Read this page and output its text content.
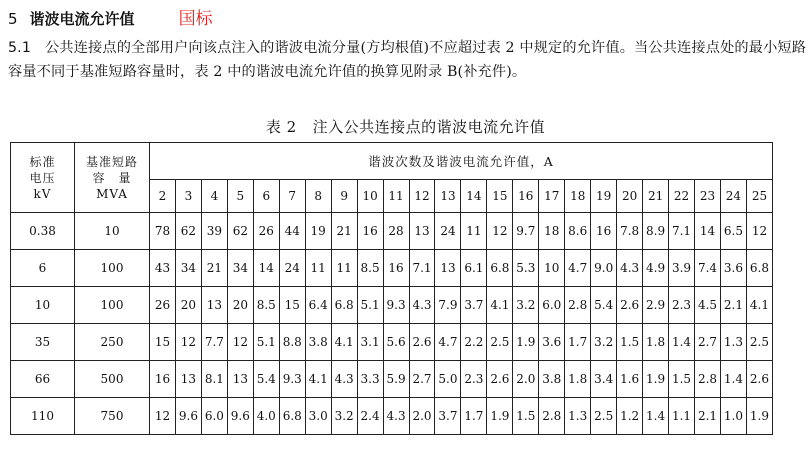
5 谐波电流允许值	国标
5.1 公共连接点的全部用户向该点注入的谐波电流分量(方均根值)不应超过表 2 中规定的允许值。当公共连接点处的最小短路容量不同于基准短路容量时，表 2 中的谐波电流允许值的换算见附录 B(补充件)。
表 2 注入公共连接点的谐波电流允许值
标准
电压
kV	基准短路
容　量
MVA	谐波次数及谐波电流允许值，A																							
		2	3	4	5	6	7	8	9	10	11	12	13	14	15	16	17	18	19	20	21	22	23	24	25
0.38	10	78	62	39	62	26	44	19	21	16	28	13	24	11	12	9.7	18	8.6	16	7.8	8.9	7.1	14	6.5	12
6	100	43	34	21	34	14	24	11	11	8.5	16	7.1	13	6.1	6.8	5.3	10	4.7	9.0	4.3	4.9	3.9	7.4	3.6	6.8
10	100	26	20	13	20	8.5	15	6.4	6.8	5.1	9.3	4.3	7.9	3.7	4.1	3.2	6.0	2.8	5.4	2.6	2.9	2.3	4.5	2.1	4.1
35	250	15	12	7.7	12	5.1	8.8	3.8	4.1	3.1	5.6	2.6	4.7	2.2	2.5	1.9	3.6	1.7	3.2	1.5	1.8	1.4	2.7	1.3	2.5
66	500	16	13	8.1	13	5.4	9.3	4.1	4.3	3.3	5.9	2.7	5.0	2.3	2.6	2.0	3.8	1.8	3.4	1.6	1.9	1.5	2.8	1.4	2.6
110	750	12	9.6	6.0	9.6	4.0	6.8	3.0	3.2	2.4	4.3	2.0	3.7	1.7	1.9	1.5	2.8	1.3	2.5	1.2	1.4	1.1	2.1	1.0	1.9
